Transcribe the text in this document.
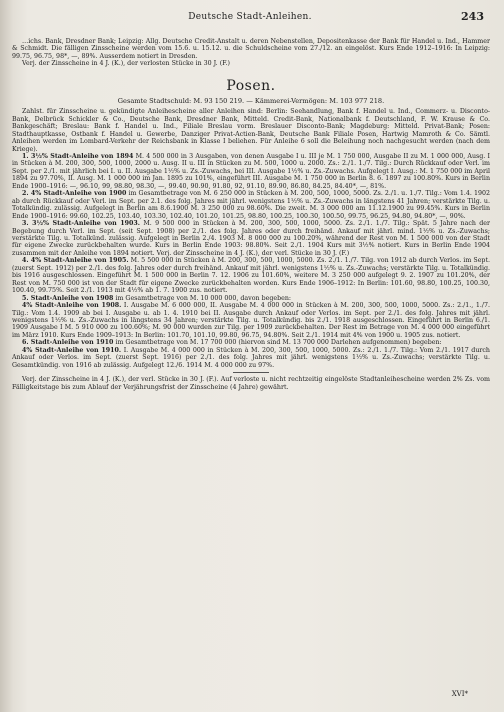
Deutsche Stadt-Anleihen.	243

…ichs. Bank, Dresdner Bank; Leipzig: Allg. Deutsche Credit-Anstalt u. deren Nebenstellen, Depositenkasse der Bank für Handel u. Ind., Hammer & Schmidt. Die fälligen Zinsscheine werden vom 15.6. u. 15.12. u. die Schuldscheine vom 27./12. an eingelöst. Kurs Ende 1912–1916: In Leipzig: 99.75, 96.75, 98*, —, 89%. Ausserdem notiert in Dresden.

Verj. der Zinsscheine in 4 J. (K.), der verlosten Stücke in 30 J. (F.)

Posen.
Gesamte Stadtschuld: M. 93 150 219. — Kämmerei-Vermögen: M. 103 977 218.

Zahlst. für Zinsscheine u. gekündigte Anleihescheine aller Anleihen sind: Berlin: Seehandlung, Bank f. Handel u. Ind., Commerz- u. Disconto-Bank, Delbrück Schickler & Co., Deutsche Bank, Dresdner Bank, Mitteld. Credit-Bank, Nationalbank f. Deutschland, F. W. Krause & Co. Bankgeschäft; Breslau: Bank f. Handel u. Ind., Filiale Breslau vorm. Breslauer Disconto-Bank; Magdeburg: Mitteld. Privat-Bank; Posen: Stadthauptkasse, Ostbank f. Handel u. Gewerbe, Danziger Privat-Actien-Bank, Deutsche Bank Filiale Posen, Hartwig Mamroth & Co. Sämtl. Anleihen werden im Lombard-Verkehr der Reichsbank in Klasse I beliehen. Für Anleihe 6 soll die Beleihung noch nachgesucht werden (nach dem Kriege).

1. 3½% Stadt-Anleihe von 1894 M. 4 500 000 in 3 Ausgaben, von denen Ausgabe I u. III je M. 1 750 000, Ausgabe II zu M. 1 000 000, Ausg. I in Stücken à M. 200, 300, 500, 1000, 2000 u. Ausg. II u. III in Stücken zu M. 500, 1000 u. 2000. Zs.: 2./1. 1./7. Tilg.: Durch Rückkauf oder Verl. im Sept. per 2./1. mit jährlich bei I. u. II. Ausgabe 1½% u. Zs.-Zuwachs, bei III. Ausgabe 1½% u. Zs.-Zuwachs. Aufgelegt I. Ausg.: M. 1 750 000 im April 1894 zu 97.70%, II. Ausg. M. 1 000 000 im Jan. 1895 zu 101%, eingeführt III. Ausgabe M. 1 750 000 in Berlin 8. 6. 1897 zu 100.80%. Kurs in Berlin Ende 1900–1916: —, 96.10, 99, 98.80, 98.30, —, 99.40, 90.90, 91.80, 92, 91.10, 89.90, 86.80, 84.25, 84.40*, —, 81%.

2. 4% Stadt-Anleihe von 1900 im Gesamtbetrage von M. 6 250 000 in Stücken à M. 200, 500, 1000, 5000. Zs. 2./1. u. 1./7. Tilg.: Vom 1.4. 1902 ab durch Rückkauf oder Verl. im Sept. per 2.1. des folg. Jahres mit jährl. wenigstens 1½% u. Zs.-Zuwachs in längstens 41 Jahren; verstärkte Tilg. u. Totalkündig. zulässig. Aufgelegt in Berlin am 8.6.1900 M. 3 250 000 zu 98.60%. Die zweit. M. 3 000 000 am 11.12.1900 zu 99.45%. Kurs in Berlin Ende 1900–1916: 99.60, 102.25, 103.40, 103.30, 102.40, 101.20, 101.25, 98.80, 100.25, 100.30, 100.50, 99.75, 96.25, 94.80, 94.80*, —, 90%.

3. 3½% Stadt-Anleihe von 1903. M. 9 500 000 in Stücken à M. 200, 300, 500, 1000, 5000. Zs. 2./1. 1./7. Tilg.: Spät. 5 Jahre nach der Begebung durch Verl. im Sept. (seit Sept. 1908) per 2./1. des folg. Jahres oder durch freihänd. Ankauf mit jährl. mind. 1½% u. Zs.-Zuwachs; verstärkte Tilg. u. Totalkünd. zulässig. Aufgelegt in Berlin 2./4. 1903 M. 8 000 000 zu 100.20%, während der Rest von M. 1 500 000 von der Stadt für eigene Zwecke zurückbehalten wurde. Kurs in Berlin Ende 1903: 98.80%. Seit 2./1. 1904 Kurs mit 3½% notiert. Kurs in Berlin Ende 1904 zusammen mit der Anleihe von 1894 notiert. Verj. der Zinsscheine in 4 J. (K.), der verl. Stücke in 30 J. (F.)

4. 4% Stadt-Anleihe von 1905. M. 5 500 000 in Stücken à M. 200, 300, 500, 1000, 5000. Zs. 2./1. 1./7. Tilg. von 1912 ab durch Verlos. im Sept. (zuerst Sept. 1912) per 2./1. des folg. Jahres oder durch freihänd. Ankauf mit jährl. wenigstens 1½% u. Zs.-Zuwachs; verstärkte Tilg. u. Totalkündig. bis 1916 ausgeschlossen. Eingeführt M. 1 500 000 in Berlin 7. 12. 1906 zu 101.60%, weitere M. 3 250 000 aufgelegt 9. 2. 1907 zu 101.20%, der Rest von M. 750 000 ist von der Stadt für eigene Zwecke zurückbehalten worden. Kurs Ende 1906–1912: In Berlin: 101.60, 98.80, 100.25, 100.30, 100.40, 99.75%. Seit 2./1. 1913 mit 4½% ab 1. 7. 1900 zus. notiert.

5. Stadt-Anleihe von 1908 im Gesamtbetrage von M. 10 000 000, davon begeben:

4% Stadt-Anleihe von 1908. I. Ausgabe M. 6 000 000, II. Ausgabe M. 4 000 000 in Stücken à M. 200, 300, 500, 1000, 5000. Zs.: 2./1., 1./7. Tilg.: Vom 1.4. 1909 ab bei I. Ausgabe u. ab 1. 4. 1910 bei II. Ausgabe durch Ankauf oder Verlos. im Sept. per 2./1. des folg. Jahres mit jährl. wenigstens 1½% u. Zs.-Zuwachs in längstens 34 Jahren; verstärkte Tilg. u. Totalkündig. bis 2./1. 1918 ausgeschlossen. Eingeführt in Berlin 6./1. 1909 Ausgabe I M. 5 910 000 zu 100.60%; M. 90 000 wurden zur Tilg. per 1909 zurückbehalten. Der Rest im Betrage von M. 4 000 000 eingeführt im März 1910. Kurs Ende 1909–1913: In Berlin: 101.70, 101.10, 99.80, 96.75, 94.80%. Seit 2./1. 1914 mit 4% von 1900 u. 1905 zus. notiert.

6. Stadt-Anleihe von 1910 im Gesamtbetrage von M. 17 700 000 (hiervon sind M. 13 700 000 Darlehen aufgenommen) begeben:

4% Stadt-Anleihe von 1910. I. Ausgabe M. 4 000 000 in Stücken à M. 200, 300, 500, 1000, 5000. Zs.: 2./1. 1./7. Tilg.: Vom 2./1. 1917 durch Ankauf oder Verlos. im Sept. (zuerst Sept. 1916) per 2./1. des folg. Jahres mit jährl. wenigstens 1½% u. Zs.-Zuwachs; verstärkte Tilg. u. Gesamtkündig. von 1916 ab zulässig. Aufgelegt 12./6. 1914 M. 4 000 000 zu 97%.

Verj. der Zinsscheine in 4 J. (K.), der verl. Stücke in 30 J. (F.). Auf verloste u. nicht rechtzeitig eingelöste Stadtanleihescheine werden 2% Zs. vom Fälligkeitstage bis zum Ablauf der Verjährungsfrist der Zinsscheine (4 Jahre) gewährt.

XVI*
